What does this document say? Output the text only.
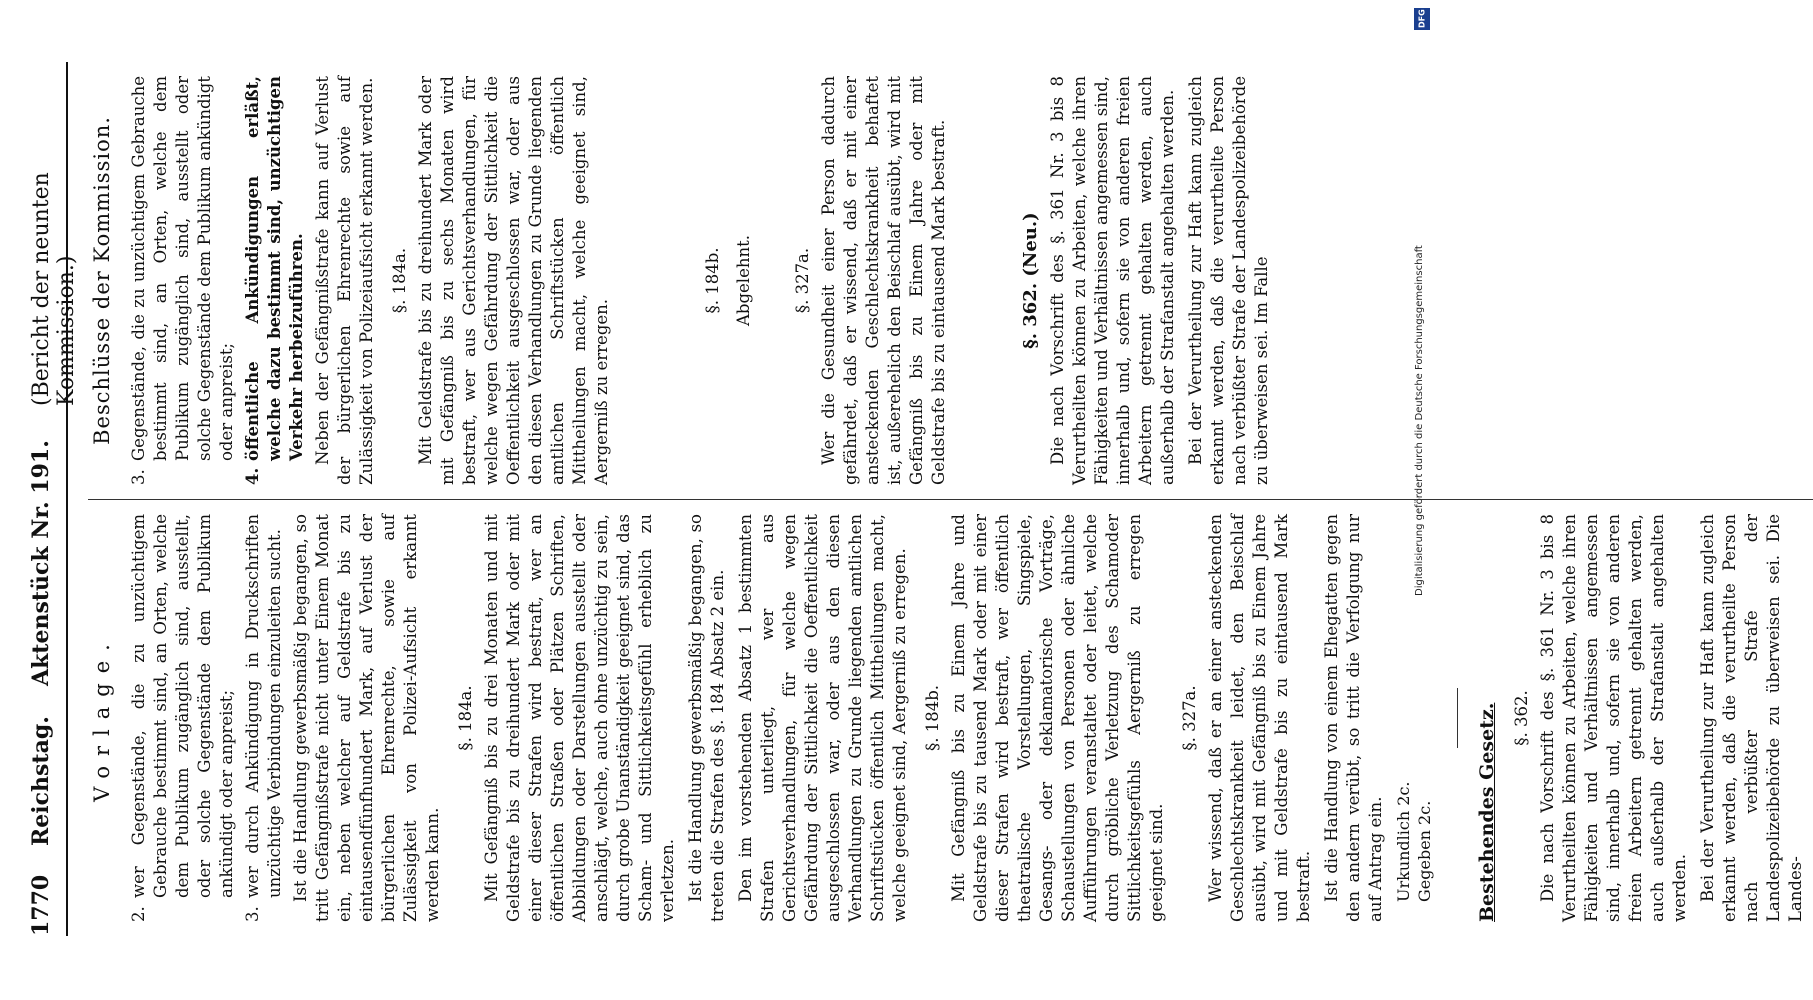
1770
Reichstag.
Aktenstück Nr. 191.
(Bericht der neunten Kommission.)
Vorlage.
2.
wer Gegenstände, die zu unzüchtigem Gebrauche bestimmt sind, an Orten, welche dem Publikum zugänglich sind, ausstellt, oder solche Gegenstände dem Publikum ankündigt oder anpreist;
3.
wer durch Ankündigung in Druckschriften unzüchtige Verbindungen einzuleiten sucht. Ist die Handlung gewerbsmäßig begangen, so tritt Gefängnißstrafe nicht unter Einem Monat ein, neben welcher auf Geldstrafe bis zu eintausendfünfhundert Mark, auf Verlust der bürgerlichen Ehrenrechte, sowie auf Zulässigkeit von Polizei-Aufsicht erkannt werden kann.

§. 184a. Mit Gefängniß bis zu drei Monaten und mit Geldstrafe bis zu dreihundert Mark oder mit einer dieser Strafen wird bestraft, wer an öffentlichen Straßen oder Plätzen Schriften, Abbildungen oder Darstellungen ausstellt oder anschlägt, welche, auch ohne unzüchtig zu sein, durch grobe Unanständigkeit geeignet sind, das Scham- und Sittlichkeitsgefühl erheblich zu verletzen. Ist die Handlung gewerbsmäßig begangen, so treten die Strafen des §. 184 Absatz 2 ein. Den im vorstehenden Absatz 1 bestimmten Strafen unterliegt, wer aus Gerichtsverhandlungen, für welche wegen Gefährdung der Sittlichkeit die Oeffentlichkeit ausgeschlossen war, oder aus den diesen Verhandlungen zu Grunde liegenden amtlichen Schriftstücken öffentlich Mittheilungen macht, welche geeignet sind, Aergerniß zu erregen. §. 184b. Mit Gefängniß bis zu Einem Jahre und Geldstrafe bis zu tausend Mark oder mit einer dieser Strafen wird bestraft, wer öffentlich theatralische Vorstellungen, Singspiele, Gesangs- oder deklamatorische Vorträge, Schaustellungen von Personen oder ähnliche Aufführungen veranstaltet oder leitet, welche durch gröbliche Verletzung des Schamoder Sittlichkeitsgefühls Aergerniß zu erregen geeignet sind.

§. 327a. Wer wissend, daß er an einer ansteckenden Geschlechtskrankheit leidet, den Beischlaf ausübt, wird mit Gefängniß bis zu Einem Jahre und mit Geldstrafe bis zu eintausend Mark bestraft. Ist die Handlung von einem Ehegatten gegen den andern verübt, so tritt die Verfolgung nur auf Antrag ein. Urkundlich 2c. Gegeben 2c. Bestehendes Gesetz. §. 362. Die nach Vorschrift des §. 361 Nr. 3 bis 8 Verurtheilten können zu Arbeiten, welche ihren Fähigkeiten und Verhältnissen angemessen sind, innerhalb und, sofern sie von anderen freien Arbeitern getrennt gehalten werden, auch außerhalb der Strafanstalt angehalten werden. Bei der Verurtheilung zur Haft kann zugleich erkannt werden, daß die verurtheilte Person nach verbüßter Strafe der Landespolizeibehörde zu überweisen sei. Die Landes-

Beschlüsse der Kommission.
3.
Gegenstände, die zu unzüchtigem Gebrauche bestimmt sind, an Orten, welche dem Publikum zugänglich sind, ausstellt oder solche Gegenstände dem Publikum ankündigt oder anpreist;
4.
öffentliche Ankündigungen erläßt, welche dazu bestimmt sind, unzüchtigen Verkehr herbeizuführen. Neben der Gefängnißstrafe kann auf Verlust der bürgerlichen Ehrenrechte sowie auf Zulässigkeit von Polizeiaufsicht erkannt werden. §. 184a. Mit Geldstrafe bis zu dreihundert Mark oder mit Gefängniß bis zu sechs Monaten wird bestraft, wer aus Gerichtsverhandlungen, für welche wegen Gefährdung der Sittlichkeit die Oeffentlichkeit ausgeschlossen war, oder aus den diesen Verhandlungen zu Grunde liegenden amtlichen Schriftstücken öffentlich Mittheilungen macht, welche geeignet sind, Aergerniß zu erregen.

§. 184b. Abgelehnt. §. 327a. Wer die Gesundheit einer Person dadurch gefährdet, daß er wissend, daß er mit einer ansteckenden Geschlechtskrankheit behaftet ist, außerehelich den Beischlaf ausübt, wird mit Gefängniß bis zu Einem Jahre oder mit Geldstrafe bis zu eintausend Mark bestraft.	§. 362. (Neu.) Die nach Vorschrift des §. 361 Nr. 3 bis 8 Verurtheilten können zu Arbeiten, welche ihren Fähigkeiten und Verhältnissen angemessen sind, innerhalb und, sofern sie von anderen freien Arbeitern getrennt gehalten werden, auch außerhalb der Strafanstalt angehalten werden. Bei der Verurtheilung zur Haft kann zugleich erkannt werden, daß die verurtheilte Person nach verbüßter Strafe der Landespolizeibehörde zu überweisen sei. Im Falle

DFG
Digitalisierung gefördert durch die Deutsche Forschungsgemeinschaft
